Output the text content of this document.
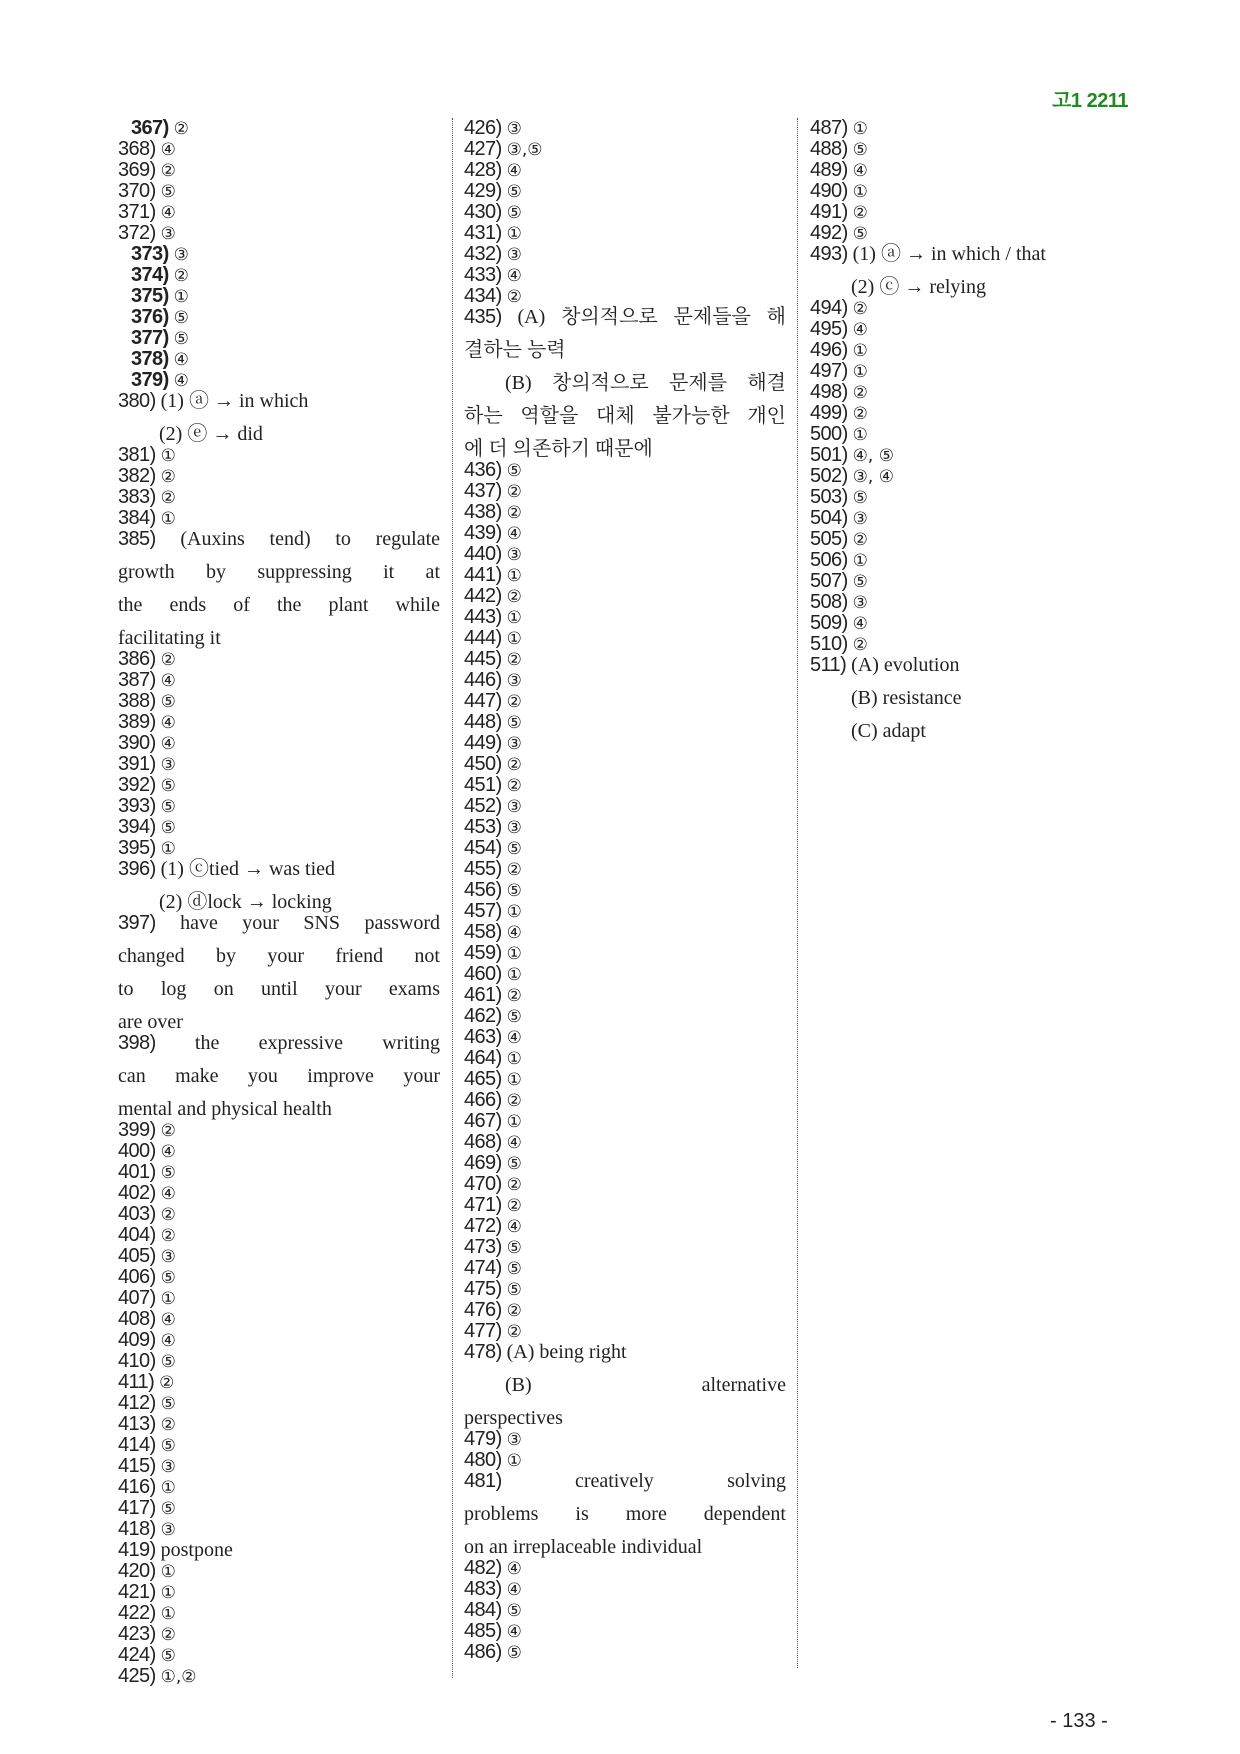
고1 2211
367) ②
368) ④
369) ②
370) ⑤
371) ④
372) ③
373) ③
374) ②
375) ①
376) ⑤
377) ⑤
378) ④
379) ④
380) (1) ⓐ → in which
(2) ⓔ → did
381) ①
382) ②
383) ②
384) ①
385) (Auxins tend) to regulate
growth by suppressing it at
the ends of the plant while
facilitating it
386) ②
387) ④
388) ⑤
389) ④
390) ④
391) ③
392) ⑤
393) ⑤
394) ⑤
395) ①
396) (1) ⓒtied → was tied
(2) ⓓlock → locking
397) have your SNS password
changed by your friend not
to log on until your exams
are over
398) the expressive writing
can make you improve your
mental and physical health
399) ②
400) ④
401) ⑤
402) ④
403) ②
404) ②
405) ③
406) ⑤
407) ①
408) ④
409) ④
410) ⑤
411) ②
412) ⑤
413) ②
414) ⑤
415) ③
416) ①
417) ⑤
418) ③
419) postpone
420) ①
421) ①
422) ①
423) ②
424) ⑤
425) ①,②
426) ③
427) ③,⑤
428) ④
429) ⑤
430) ⑤
431) ①
432) ③
433) ④
434) ②
435) (A) 창의적으로 문제들을 해
결하는 능력
(B) 창의적으로 문제를 해결
하는 역할을 대체 불가능한 개인
에 더 의존하기 때문에
436) ⑤
437) ②
438) ②
439) ④
440) ③
441) ①
442) ②
443) ①
444) ①
445) ②
446) ③
447) ②
448) ⑤
449) ③
450) ②
451) ②
452) ③
453) ③
454) ⑤
455) ②
456) ⑤
457) ①
458) ④
459) ①
460) ①
461) ②
462) ⑤
463) ④
464) ①
465) ①
466) ②
467) ①
468) ④
469) ⑤
470) ②
471) ②
472) ④
473) ⑤
474) ⑤
475) ⑤
476) ②
477) ②
478) (A) being right
(B) alternative
perspectives
479) ③
480) ①
481)	creatively solving
problems is more dependent
on an irreplaceable individual
482) ④
483) ④
484) ⑤
485) ④
486) ⑤
487) ①
488) ⑤
489) ④
490) ①
491) ②
492) ⑤
493) (1) ⓐ → in which / that
(2) ⓒ → relying
494) ②
495) ④
496) ①
497) ①
498) ②
499) ②
500) ①
501) ④, ⑤
502) ③, ④
503) ⑤
504) ③
505) ②
506) ①
507) ⑤
508) ③
509) ④
510) ②
511) (A) evolution
(B) resistance
(C) adapt
- 133 -
